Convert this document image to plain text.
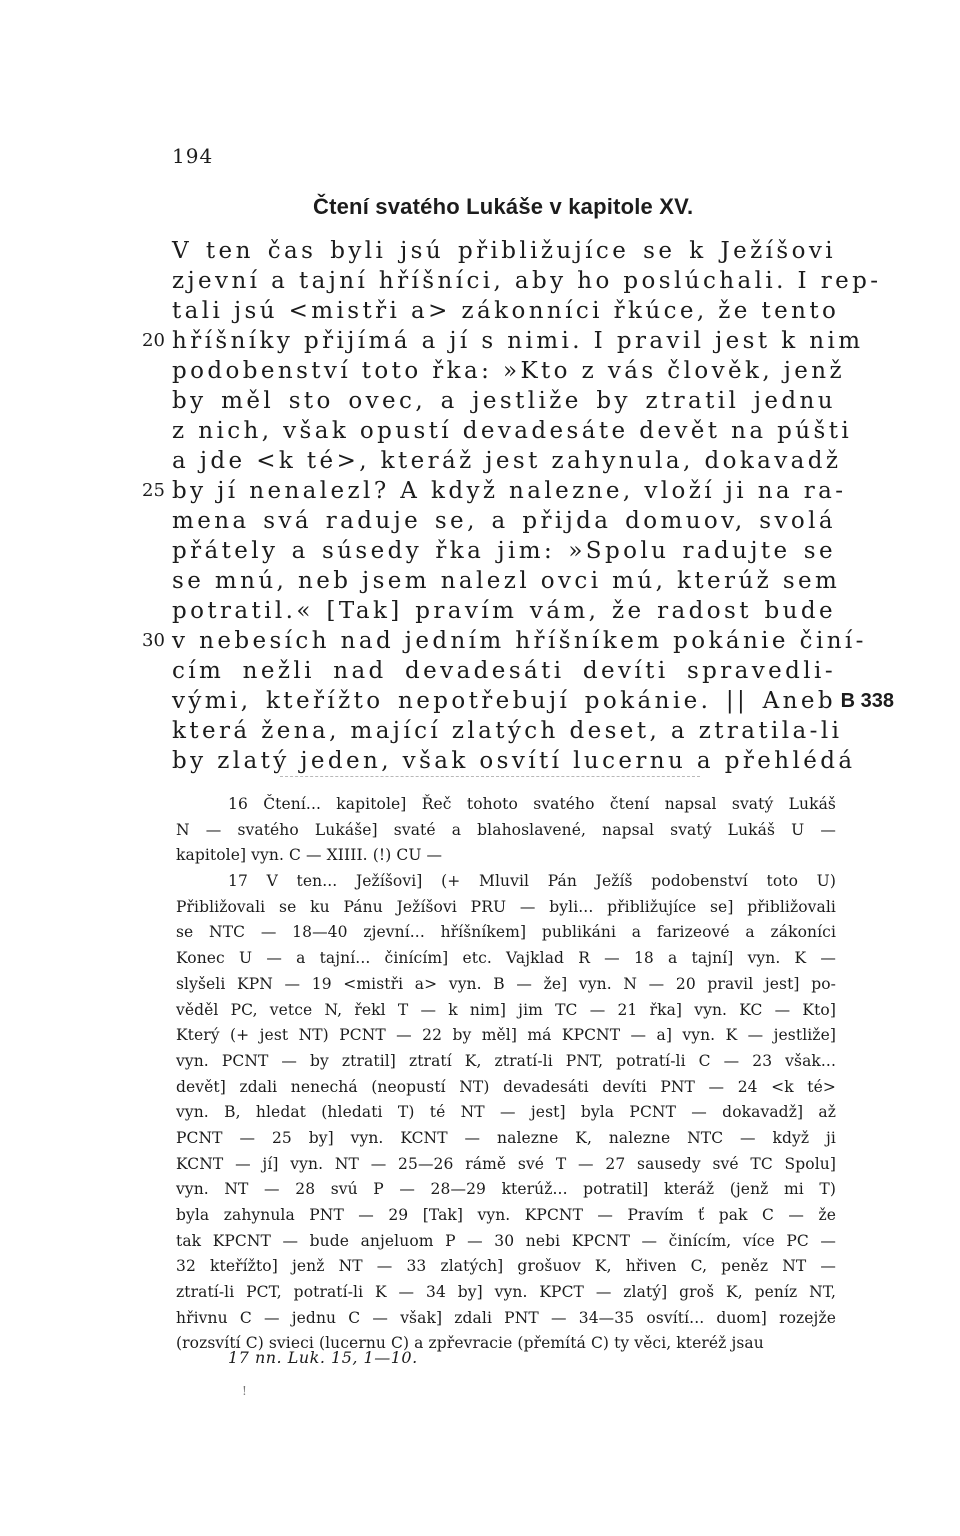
194
Čtení svatého Lukáše v kapitole XV.
V ten čas byli jsú přibližujíce se k Ježíšovi
zjevní a tajní hříšníci, aby ho poslúchali. I rep-
tali jsú <mistři a> zákonníci řkúce, že tento
20 hříšníky přijímá a jí s nimi. I pravil jest k nim
podobenství toto řka: »Kto z vás člověk, jenž
by měl sto ovec, a jestliže by ztratil jednu
z nich, však opustí devadesáte devět na púšti
a jde <k té>, kteráž jest zahynula, dokavadž
25 by jí nenalezl? A když nalezne, vloží ji na ra-
mena svá raduje se, a přijda domuov, svolá
přátely a súsedy řka jim: »Spolu radujte se
se mnú, neb jsem nalezl ovci mú, kterúž sem
potratil.« [Tak] pravím vám, že radost bude
30 v nebesích nad jedním hříšníkem pokánie činí-
cím nežli nad devadesáti devíti spravedli-
vými, kteřížto nepotřebují pokánie. || Aneb B 338
která žena, mající zlatých deset, a ztratila-li
by zlatý jeden, však osvítí lucernu a přehlédá
16 Čtení... kapitole] Řeč tohoto svatého čtení napsal svatý Lukáš
N — svatého Lukáše] svaté a blahoslavené, napsal svatý Lukáš U —
kapitole] vyn. C — XIIII. (!) CU —
17 V ten... Ježíšovi] (+ Mluvil Pán Ježíš podobenství toto U)
Přibližovali se ku Pánu Ježíšovi PRU — byli... přibližujíce se] přibližovali
se NTC — 18—40 zjevní... hříšníkem] publikáni a farizeové a zákoníci
Konec U — a tajní... činícím] etc. Vajklad R — 18 a tajní] vyn. K —
slyšeli KPN — 19 <mistři a> vyn. B — že] vyn. N — 20 pravil jest] po-
věděl PC, vetce N, řekl T — k nim] jim TC — 21 řka] vyn. KC — Kto]
Který (+ jest NT) PCNT — 22 by měl] má KPCNT — a] vyn. K — jestliže]
vyn. PCNT — by ztratil] ztratí K, ztratí-li PNT, potratí-li C — 23 však...
devět] zdali nenechá (neopustí NT) devadesáti devíti PNT — 24 <k té>
vyn. B, hledat (hledati T) té NT — jest] byla PCNT — dokavadž] až
PCNT — 25 by] vyn. KCNT — nalezne K, nalezne NTC — když ji
KCNT — jí] vyn. NT — 25—26 rámě své T — 27 sausedy své TC Spolu]
vyn. NT — 28 svú P — 28—29 kterúž... potratil] kteráž (jenž mi T)
byla zahynula PNT — 29 [Tak] vyn. KPCNT — Pravím ť pak C — že
tak KPCNT — bude anjeluom P — 30 nebi KPCNT — činícím, více PC —
32 kteřížto] jenž NT — 33 zlatých] grošuov K, hřiven C, peněz NT —
ztratí-li PCT, potratí-li K — 34 by] vyn. KPCT — zlatý] groš K, peníz NT,
hřivnu C — jednu C — však] zdali PNT — 34—35 osvítí... duom] rozejže
(rozsvítí C) svieci (lucernu C) a zpřevracie (přemítá C) ty věci, kteréž jsau
17 nn. Luk. 15, 1—10.
!
